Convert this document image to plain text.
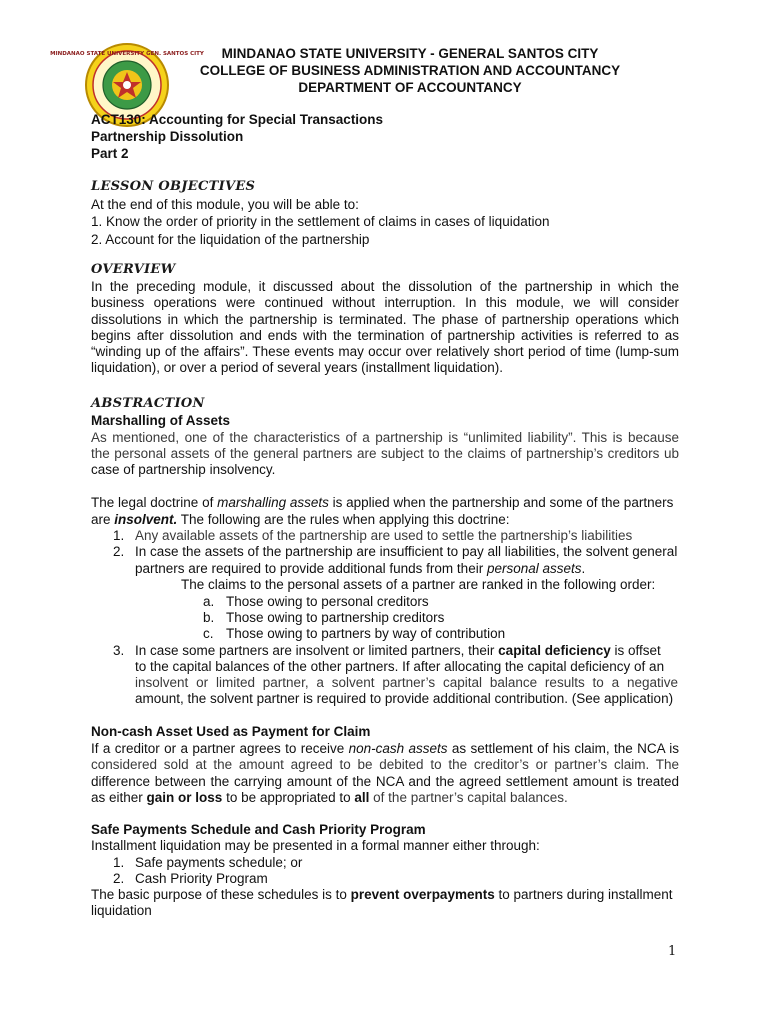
MINDANAO STATE UNIVERSITY GEN. SANTOS CITY	MINDANAO STATE UNIVERSITY - GENERAL SANTOS CITY
COLLEGE OF BUSINESS ADMINISTRATION AND ACCOUNTANCY
DEPARTMENT OF ACCOUNTANCY
ACT130: Accounting for Special Transactions
Partnership Dissolution
Part 2
LESSON OBJECTIVES
At the end of this module, you will be able to:
1. Know the order of priority in the settlement of claims in cases of liquidation
2. Account for the liquidation of the partnership
OVERVIEW
In the preceding module, it discussed about the dissolution of the partnership in which the
business operations were continued without interruption. In this module, we will consider
dissolutions in which the partnership is terminated. The phase of partnership operations which
begins after dissolution and ends with the termination of partnership activities is referred to as
“winding up of the affairs”. These events may occur over relatively short period of time (lump-sum
liquidation), or over a period of several years (installment liquidation).
ABSTRACTION
Marshalling of Assets
As mentioned, one of the characteristics of a partnership is “unlimited liability”. This is because
the personal assets of the general partners are subject to the claims of partnership’s creditors ub
case of partnership insolvency.
The legal doctrine of marshalling assets is applied when the partnership and some of the partners
are insolvent. The following are the rules when applying this doctrine:
1. Any available assets of the partnership are used to settle the partnership’s liabilities
2. In case the assets of the partnership are insufficient to pay all liabilities, the solvent general
partners are required to provide additional funds from their personal assets.
The claims to the personal assets of a partner are ranked in the following order:
a. Those owing to personal creditors
b. Those owing to partnership creditors
c. Those owing to partners by way of contribution
3. In case some partners are insolvent or limited partners, their capital deficiency is offset
to the capital balances of the other partners. If after allocating the capital deficiency of an
insolvent or limited partner, a solvent partner’s capital balance results to a negative
amount, the solvent partner is required to provide additional contribution. (See application)
Non-cash Asset Used as Payment for Claim
If a creditor or a partner agrees to receive non-cash assets as settlement of his claim, the NCA is
considered sold at the amount agreed to be debited to the creditor’s or partner’s claim. The
difference between the carrying amount of the NCA and the agreed settlement amount is treated
as either gain or loss to be appropriated to all of the partner’s capital balances.
Safe Payments Schedule and Cash Priority Program
Installment liquidation may be presented in a formal manner either through:
1. Safe payments schedule; or
2. Cash Priority Program
The basic purpose of these schedules is to prevent overpayments to partners during installment
liquidation
1
